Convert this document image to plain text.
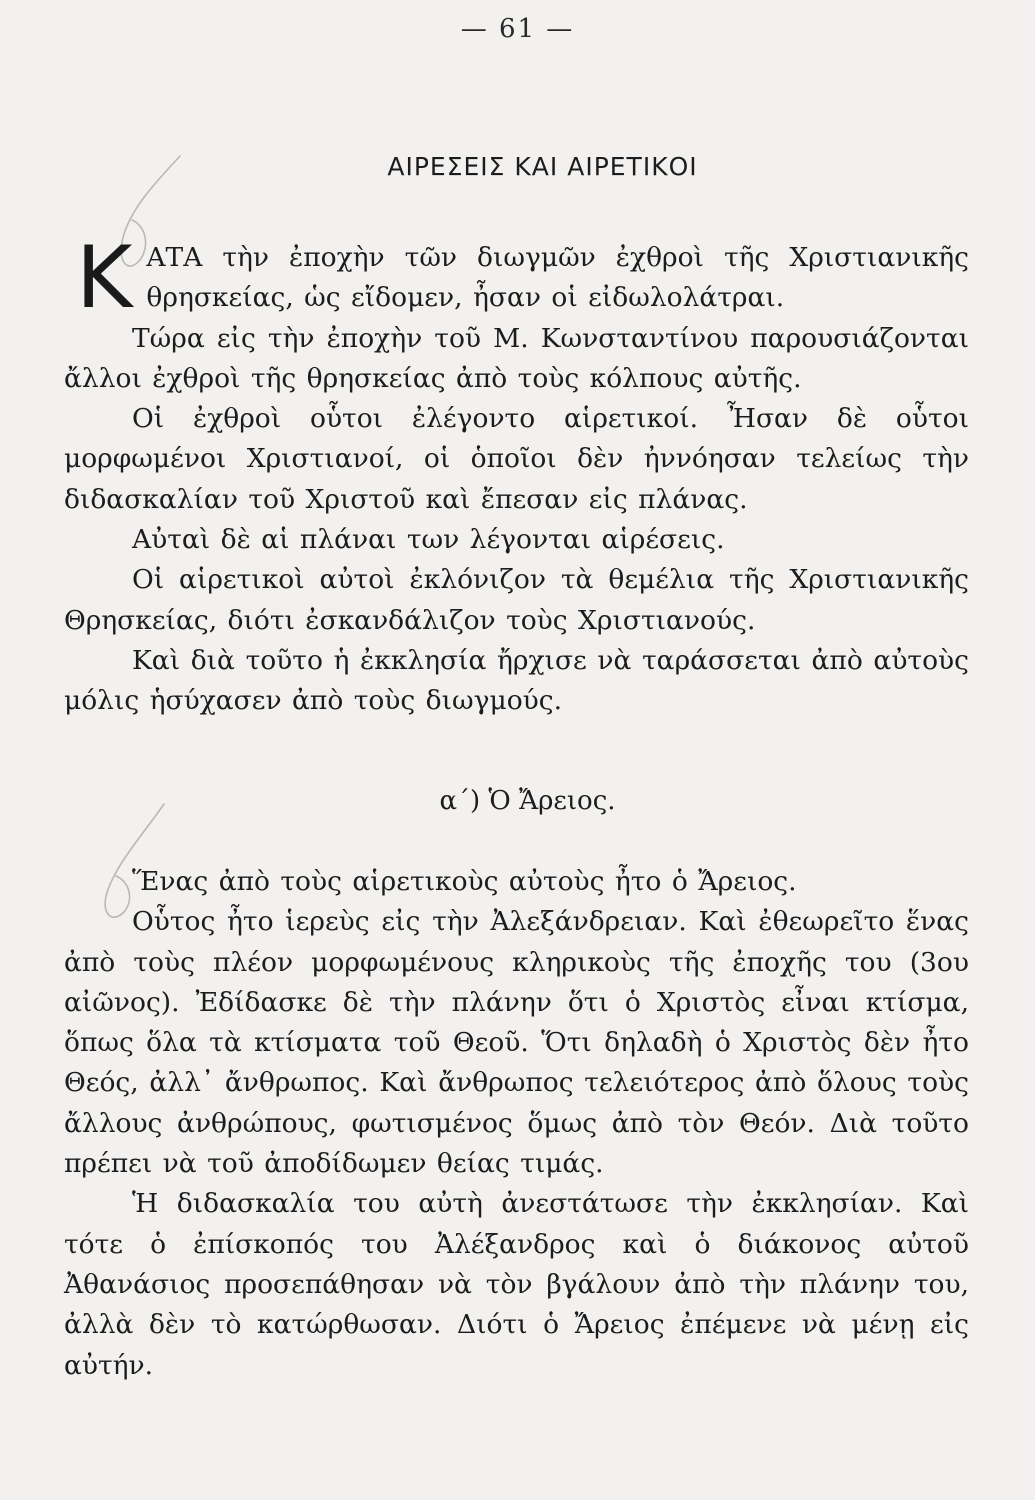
— 61 —
ΑΙΡΕΣΕΙΣ ΚΑΙ ΑΙΡΕΤΙΚΟΙ

ΚΑΤΑ τὴν ἐποχὴν τῶν διωγμῶν ἐχθροὶ τῆς Χριστιανικῆς θρησκείας, ὡς εἴδομεν, ἦσαν οἱ εἰδωλολάτραι.

Τώρα εἰς τὴν ἐποχὴν τοῦ Μ. Κωνσταντίνου παρουσιάζονται ἄλλοι ἐχθροὶ τῆς θρησκείας ἀπὸ τοὺς κόλπους αὐτῆς.

Οἱ ἐχθροὶ οὗτοι ἐλέγοντο αἱρετικοί. Ἦσαν δὲ οὗτοι μορφωμένοι Χριστιανοί, οἱ ὁποῖοι δὲν ἠννόησαν τελείως τὴν διδασκαλίαν τοῦ Χριστοῦ καὶ ἔπεσαν εἰς πλάνας.

Αὐταὶ δὲ αἱ πλάναι των λέγονται αἱρέσεις.

Οἱ αἱρετικοὶ αὐτοὶ ἐκλόνιζον τὰ θεμέλια τῆς Χριστιανικῆς Θρησκείας, διότι ἐσκανδάλιζον τοὺς Χριστιανούς.

Καὶ διὰ τοῦτο ἡ ἐκκλησία ἤρχισε νὰ ταράσσεται ἀπὸ αὐτοὺς μόλις ἡσύχασεν ἀπὸ τοὺς διωγμούς.

α΄) Ὁ Ἄρειος.

Ἕνας ἀπὸ τοὺς αἱρετικοὺς αὐτοὺς ἦτο ὁ Ἄρειος.

Οὗτος ἦτο ἱερεὺς εἰς τὴν Ἀλεξάνδρειαν. Καὶ ἐθεωρεῖτο ἕνας ἀπὸ τοὺς πλέον μορφωμένους κληρικοὺς τῆς ἐποχῆς του (3ου αἰῶνος). Ἐδίδασκε δὲ τὴν πλάνην ὅτι ὁ Χριστὸς εἶναι κτίσμα, ὅπως ὅλα τὰ κτίσματα τοῦ Θεοῦ. Ὅτι δηλαδὴ ὁ Χριστὸς δὲν ἦτο Θεός, ἀλλ᾿ ἄνθρωπος. Καὶ ἄνθρωπος τελειότερος ἀπὸ ὅλους τοὺς ἄλλους ἀνθρώπους, φωτισμένος ὅμως ἀπὸ τὸν Θεόν. Διὰ τοῦτο πρέπει νὰ τοῦ ἀποδίδωμεν θείας τιμάς.

Ἡ διδασκαλία του αὐτὴ ἀνεστάτωσε τὴν ἐκκλησίαν. Καὶ τότε ὁ ἐπίσκοπός του Ἀλέξανδρος καὶ ὁ διάκονος αὐτοῦ Ἀθανάσιος προσεπάθησαν νὰ τὸν βγάλουν ἀπὸ τὴν πλάνην του, ἀλλὰ δὲν τὸ κατώρθωσαν. Διότι ὁ Ἄρειος ἐπέμενε νὰ μένῃ εἰς αὐτήν.
